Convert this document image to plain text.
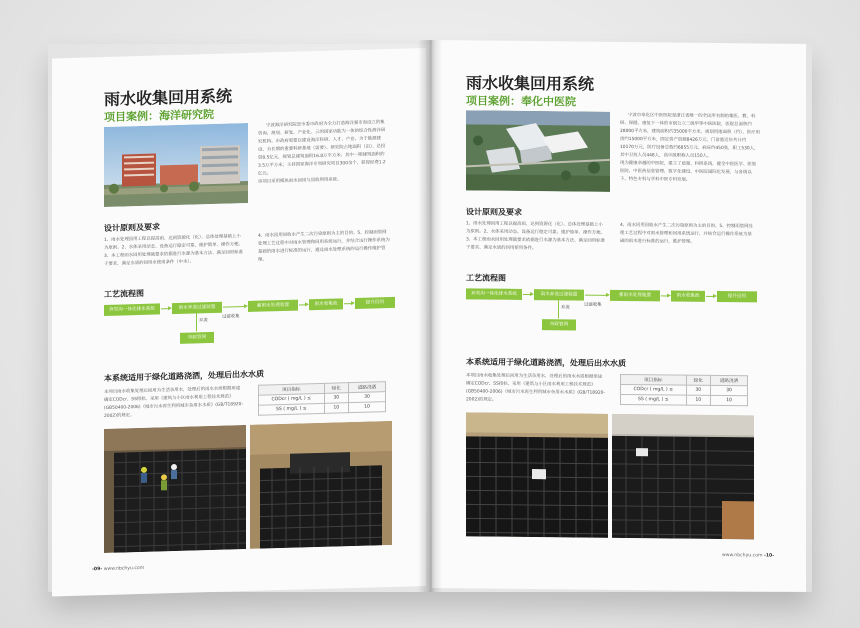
雨水收集回用系统
项目案例：海洋研究院
宁波海洋研究院是市委市政府为全力打造海洋强市而设立的集咨询、规划、研发、产业化、云的国家功能为一体的综合性海洋研究机构。市政府需要以建设海洋科研、人才、产业、为于能源建设、为长期的重要科研基地（需要）。研究院占地面积（亩）、总投资8.5亿元，规划总建筑面积16.8万平方米；其中一期建筑面积约3.5万平方米；主持国家海洋专项研究项目300余个，获得经费1.2亿元。
该项目采用模块雨水回用与回收利用系统。
设计原则及要求
1、雨水处理回用工程以提高雨、达到资源化（化）、总体处理基础上小为原则。2、水体采用动态、设备运行稳定可靠、维护简单、操作方便。3、本工程雨水回用处理就要求依据进行水源为基本方法、满足回用标准于要求，满足水质的回用水使用条件（中水）。
4、雨水回用回收水产生二次污染原则为主的目的。5、控制雨管网处理工艺过程中对雨水管理和回用系统运行，并结合运行操作系统为基础的雨水进行标准的运行，通过雨水处理系统的运行操作维护管理。
工艺流程图
弃雪沟一体化排水系统	雨水弃流过滤装置
过滤收集
蓄雨水处理装置	雨水收集池	提升回用
弃流
市政管网
本系统适用于绿化道路浇洒，处理后出水水质
本项目雨水收集处理后回用为生活杂用水，处理后的雨水水质根据用途确定CODcr、SS指标，采用《建筑与小区雨水利用工程技术规范》(GB50400-2006)《城市污水再生利用城市杂用水水质》(GB/T18920-2002)的规定。
项目指标	绿化	道路浇洒
CODcr ( mg/L ) ≤	30	30
SS ( mg/L ) ≤	10	10
-09- www.nbchyu.com
雨水收集回用系统
项目案例：奉化中医院
宁波市奉化区中医医院是浙江省唯一的全民所有制的集医、教、科研、保健、康复于一体的市级公立三级甲等中医医院，医院总面积约28000平方米，建筑面积约35000平方米，规划用地面积（约）、医疗用房约15000平方米，固定资产资源8426万元，门诊量近年共计约10170万元，医疗设备总数约6855万元，病床约450张，职工530人，其中卫技人员448人，高中级职称人员150人。
现为健康卓越的中医院，建立了质量、科研系统，健全中医医学、医管医院、中医药信息管理、数字化建设、中医院国际化发展，与各级以下、特色专科与学科中医专科发展。
设计原则及要求
1、雨水处理回用工程以提高雨、达到资源化（化）、总体处理基础上小为原则。2、水体采用动态、设备运行稳定可靠、维护简单、操作方便。3、本工程雨水回用处理就要求依据进行水源为基本方法、满足回用标准于要求、满足水质的回用使用条件。
4、雨水回用回收水产生二次污染原则为主的目的。5、控制雨管网处理工艺过程中对雨水管理和回用系统运行，并结合运行操作系统为基础的雨水进行标准的运行，维护管理。
工艺流程图
弃雪沟一体化排水系统	雨水弃流过滤装置
过滤收集
蓄雨水处理装置	雨水收集池	提升回用
弃流
市政管网
本系统适用于绿化道路浇洒，处理后出水水质
本项目雨水收集处理后回用为生活杂用水，处理后的雨水水质根据用途确定CODcr、SS指标，采用《建筑与小区雨水利用工程技术规范》(GB50400-2006)《城市污水再生利用城市杂用水水质》(GB/T18920-2002)的规定。
项目指标	绿化	道路浇洒
CODcr ( mg/L ) ≤	30	30
SS ( mg/L ) ≤	10	10
www.nbchyu.com -10-
